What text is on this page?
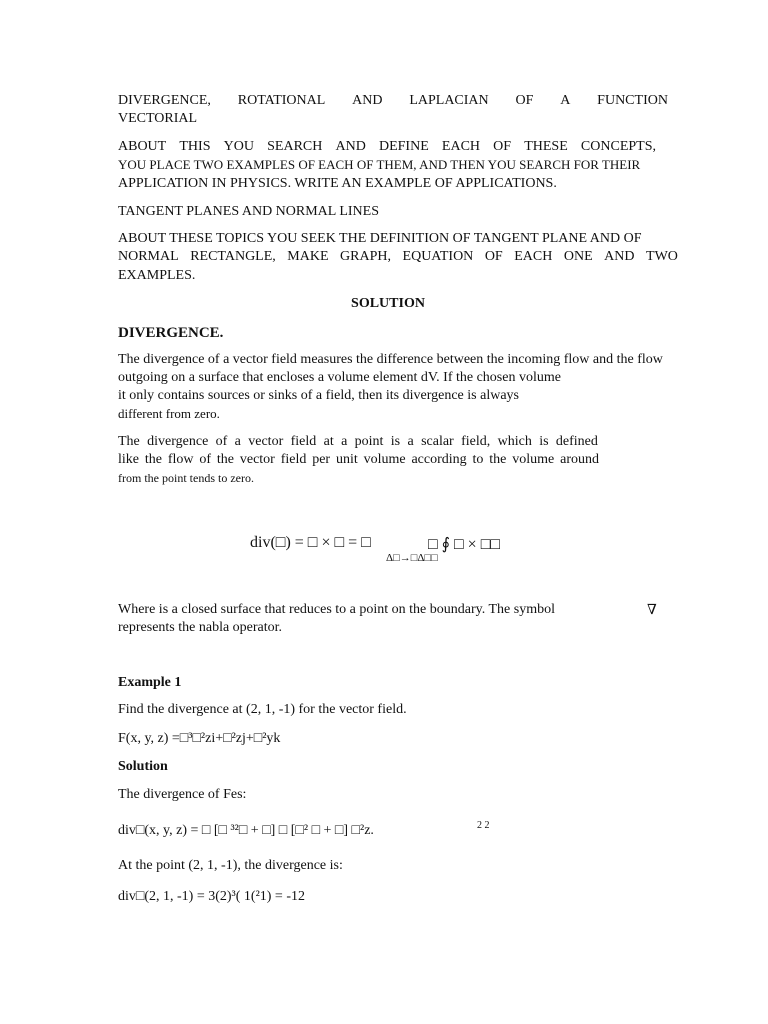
DIVERGENCE, ROTATIONAL AND LAPLACIAN OF A FUNCTION
VECTORIAL
ABOUT THIS YOU SEARCH AND DEFINE EACH OF THESE CONCEPTS,
YOU PLACE TWO EXAMPLES OF EACH OF THEM, AND THEN YOU SEARCH FOR THEIR
APPLICATION IN PHYSICS. WRITE AN EXAMPLE OF APPLICATIONS.
TANGENT PLANES AND NORMAL LINES
ABOUT THESE TOPICS YOU SEEK THE DEFINITION OF TANGENT PLANE AND OF
NORMAL RECTANGLE, MAKE GRAPH, EQUATION OF EACH ONE AND TWO
EXAMPLES.
SOLUTION
DIVERGENCE.
The divergence of a vector field measures the difference between the incoming flow and the flow
outgoing on a surface that encloses a volume element dV. If the chosen volume
it only contains sources or sinks of a field, then its divergence is always
different from zero.
The divergence of a vector field at a point is a scalar field, which is defined
like the flow of the vector field per unit volume according to the volume around
from the point tends to zero.
div(□) = □ × □ = □
Δ□→□Δ□□
□ ∮ □ × □□
Where is a closed surface that reduces to a point on the boundary. The symbol	∇
represents the nabla operator.
Example 1
Find the divergence at (2, 1, -1) for the vector field.
F(x, y, z) =□³□²zi+□²zj+□²yk
Solution
The divergence of Fes:
div□(x, y, z) = □ [□ ³²□ + □] □ [□² □ + □] □²z.	2 2
At the point (2, 1, -1), the divergence is:
div□(2, 1, -1) = 3(2)³( 1(²1) = -12
